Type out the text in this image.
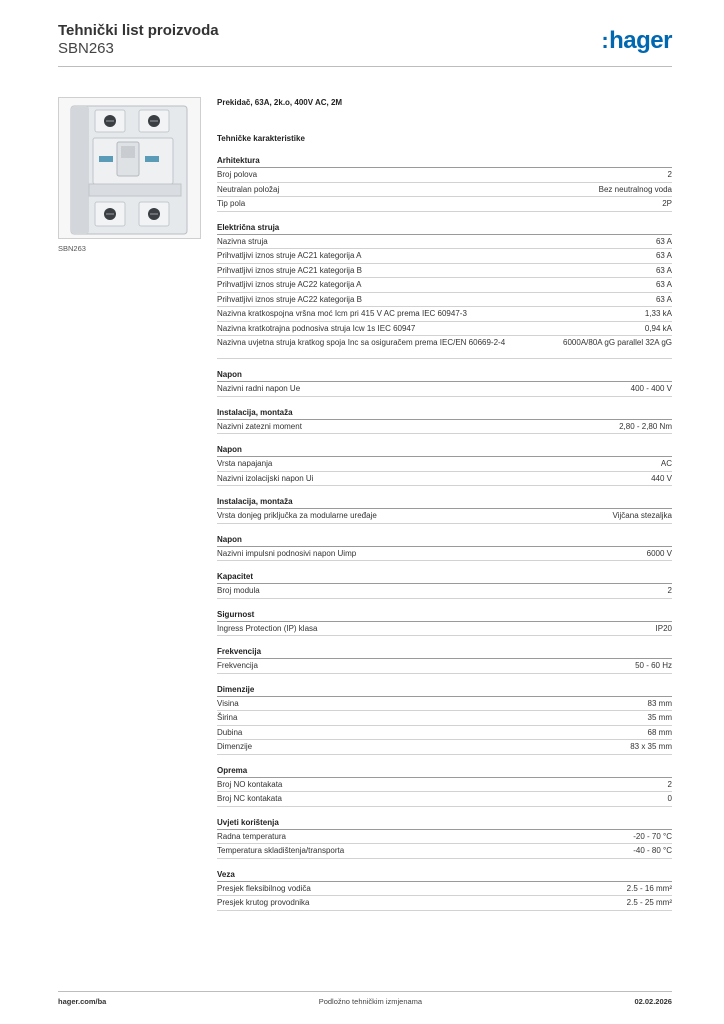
Tehnički list proizvoda
SBN263	:hager
SBN263
Prekidač, 63A, 2k.o, 400V AC, 2M
Tehničke karakteristike
Arhitektura
Broj polova	2
Neutralan položaj	Bez neutralnog voda
Tip pola	2P
Električna struja
Nazivna struja	63 A
Prihvatljivi iznos struje AC21 kategorija A	63 A
Prihvatljivi iznos struje AC21 kategorija B	63 A
Prihvatljivi iznos struje AC22 kategorija A	63 A
Prihvatljivi iznos struje AC22 kategorija B	63 A
Nazivna kratkospojna vršna moć Icm pri 415 V AC prema IEC 60947-3	1,33 kA
Nazivna kratkotrajna podnosiva struja Icw 1s IEC 60947	0,94 kA
Nazivna uvjetna struja kratkog spoja Inc sa osiguračem prema IEC/EN 60669-2-4	6000A/80A gG parallel 32A gG
Napon
Nazivni radni napon Ue	400 - 400 V
Instalacija, montaža
Nazivni zatezni moment	2,80 - 2,80 Nm
Napon
Vrsta napajanja	AC
Nazivni izolacijski napon Ui	440 V
Instalacija, montaža
Vrsta donjeg priključka za modularne uređaje	Vijčana stezaljka
Napon
Nazivni impulsni podnosivi napon Uimp	6000 V
Kapacitet
Broj modula	2
Sigurnost
Ingress Protection (IP) klasa	IP20
Frekvencija
Frekvencija	50 - 60 Hz
Dimenzije
Visina	83 mm
Širina	35 mm
Dubina	68 mm
Dimenzije	83 x 35 mm
Oprema
Broj NO kontakata	2
Broj NC kontakata	0
Uvjeti korištenja
Radna temperatura	-20 - 70 °C
Temperatura skladištenja/transporta	-40 - 80 °C
Veza
Presjek fleksibilnog vodiča	2.5 - 16 mm²
Presjek krutog provodnika	2.5 - 25 mm²
hager.com/ba	Podložno tehničkim izmjenama	02.02.2026
